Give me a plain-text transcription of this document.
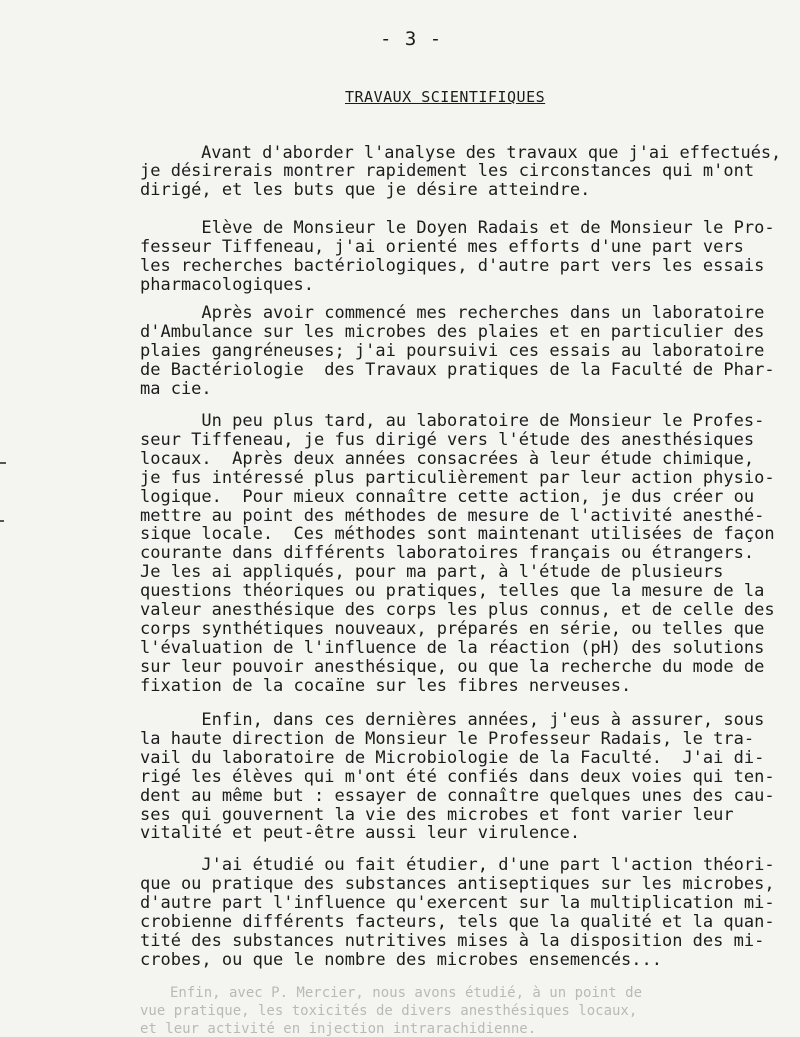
Enfin, avec P. Mercier, nous avons étudié, à un point de
vue pratique, les toxicités de divers anesthésiques locaux,
et leur activité en injection intrarachidienne.
- 3 -
TRAVAUX SCIENTIFIQUES
Avant d'aborder l'analyse des travaux que j'ai effectués,
je désirerais montrer rapidement les circonstances qui m'ont
dirigé, et les buts que je désire atteindre.
Elève de Monsieur le Doyen Radais et de Monsieur le Pro-
fesseur Tiffeneau, j'ai orienté mes efforts d'une part vers
les recherches bactériologiques, d'autre part vers les essais
pharmacologiques.
Après avoir commencé mes recherches dans un laboratoire
d'Ambulance sur les microbes des plaies et en particulier des
plaies gangréneuses; j'ai poursuivi ces essais au laboratoire
de Bactériologie  des Travaux pratiques de la Faculté de Phar-
ma cie.
Un peu plus tard, au laboratoire de Monsieur le Profes-
seur Tiffeneau, je fus dirigé vers l'étude des anesthésiques
locaux.  Après deux années consacrées à leur étude chimique,
je fus intéressé plus particulièrement par leur action physio-
logique.  Pour mieux connaître cette action, je dus créer ou
mettre au point des méthodes de mesure de l'activité anesthé-
sique locale.  Ces méthodes sont maintenant utilisées de façon
courante dans différents laboratoires français ou étrangers.
Je les ai appliqués, pour ma part, à l'étude de plusieurs
questions théoriques ou pratiques, telles que la mesure de la
valeur anesthésique des corps les plus connus, et de celle des
corps synthétiques nouveaux, préparés en série, ou telles que
l'évaluation de l'influence de la réaction (pH) des solutions
sur leur pouvoir anesthésique, ou que la recherche du mode de
fixation de la cocaïne sur les fibres nerveuses.
Enfin, dans ces dernières années, j'eus à assurer, sous
la haute direction de Monsieur le Professeur Radais, le tra-
vail du laboratoire de Microbiologie de la Faculté.  J'ai di-
rigé les élèves qui m'ont été confiés dans deux voies qui ten-
dent au même but : essayer de connaître quelques unes des cau-
ses qui gouvernent la vie des microbes et font varier leur
vitalité et peut-être aussi leur virulence.
J'ai étudié ou fait étudier, d'une part l'action théori-
que ou pratique des substances antiseptiques sur les microbes,
d'autre part l'influence qu'exercent sur la multiplication mi-
crobienne différents facteurs, tels que la qualité et la quan-
tité des substances nutritives mises à la disposition des mi-
crobes, ou que le nombre des microbes ensemencés...
